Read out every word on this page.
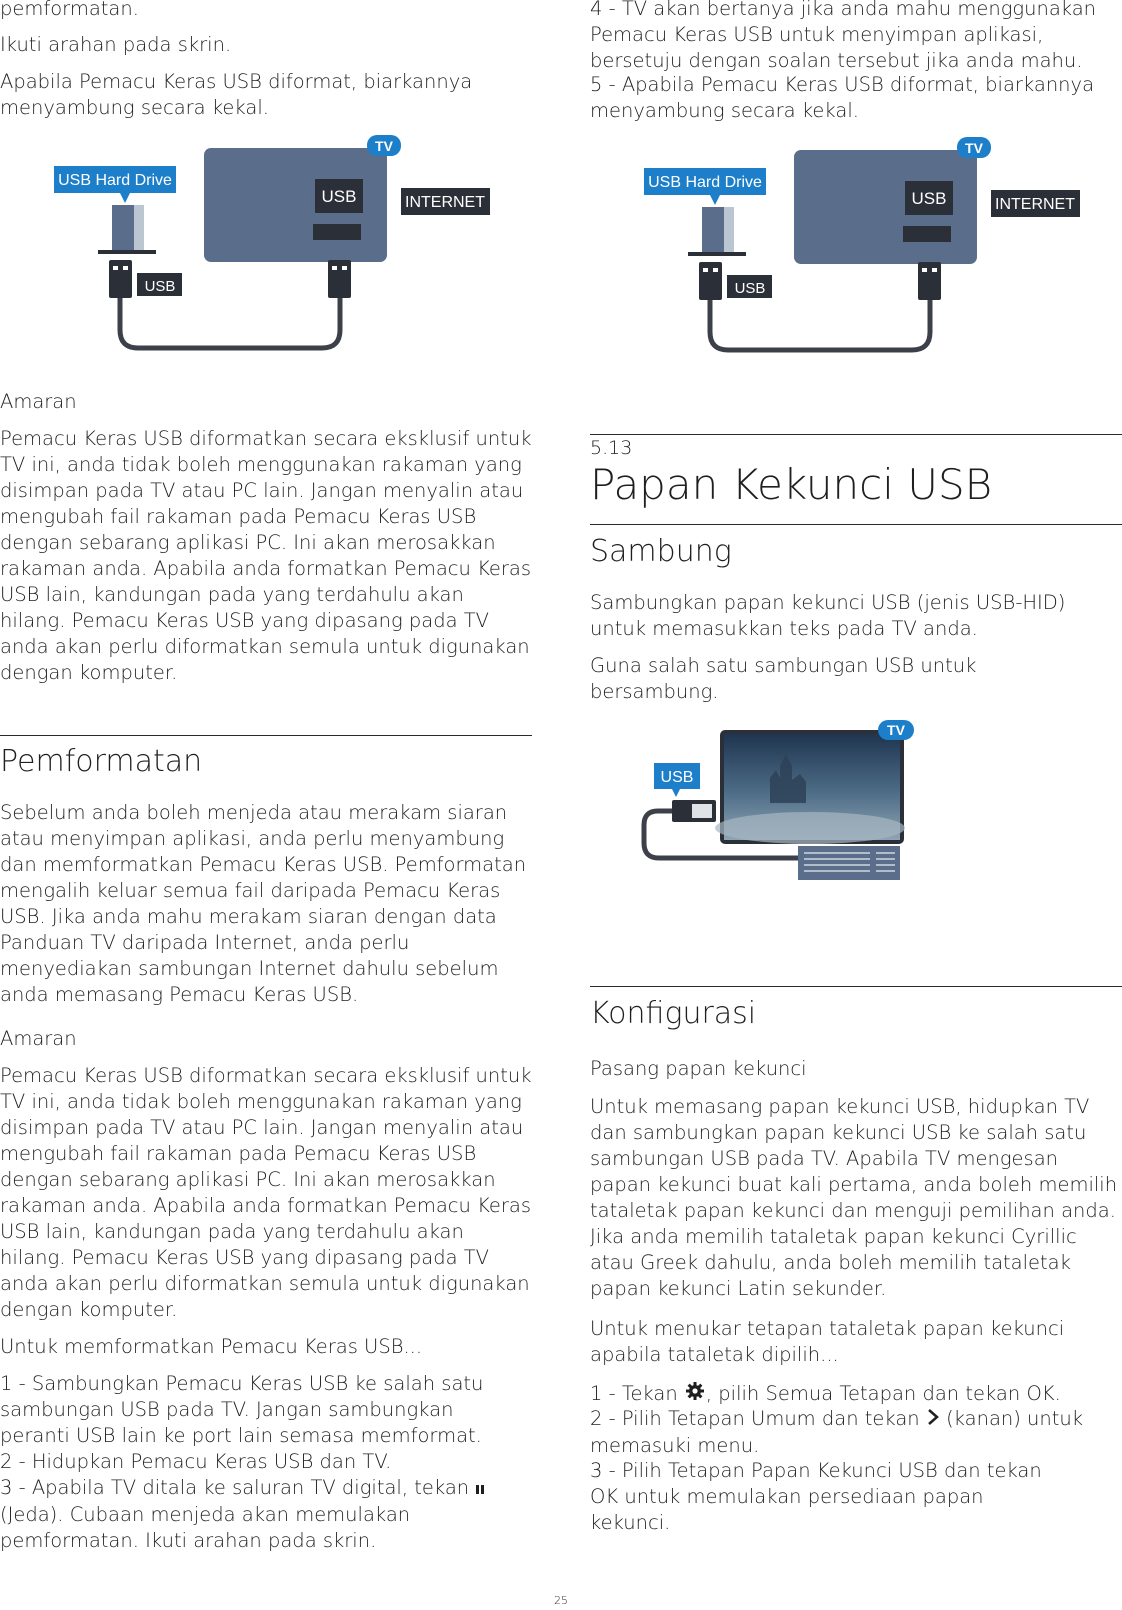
pemformatan.

Ikuti arahan pada skrin.

Apabila Pemacu Keras USB diformat, biarkannya menyambung secara kekal.

USB
TV
INTERNET
USB Hard Drive
USB

Amaran

Pemacu Keras USB diformatkan secara eksklusif untuk TV ini, anda tidak boleh menggunakan rakaman yang disimpan pada TV atau PC lain. Jangan menyalin atau mengubah fail rakaman pada Pemacu Keras USB dengan sebarang aplikasi PC. Ini akan merosakkan rakaman anda. Apabila anda formatkan Pemacu Keras USB lain, kandungan pada yang terdahulu akan hilang. Pemacu Keras USB yang dipasang pada TV anda akan perlu diformatkan semula untuk digunakan dengan komputer.

Pemformatan

Sebelum anda boleh menjeda atau merakam siaran atau menyimpan aplikasi, anda perlu menyambung dan memformatkan Pemacu Keras USB. Pemformatan mengalih keluar semua fail daripada Pemacu Keras USB. Jika anda mahu merakam siaran dengan data Panduan TV daripada Internet, anda perlu menyediakan sambungan Internet dahulu sebelum anda memasang Pemacu Keras USB.

Amaran

Pemacu Keras USB diformatkan secara eksklusif untuk TV ini, anda tidak boleh menggunakan rakaman yang disimpan pada TV atau PC lain. Jangan menyalin atau mengubah fail rakaman pada Pemacu Keras USB dengan sebarang aplikasi PC. Ini akan merosakkan rakaman anda. Apabila anda formatkan Pemacu Keras USB lain, kandungan pada yang terdahulu akan hilang. Pemacu Keras USB yang dipasang pada TV anda akan perlu diformatkan semula untuk digunakan dengan komputer.

Untuk memformatkan Pemacu Keras USB...

1 - Sambungkan Pemacu Keras USB ke salah satu sambungan USB pada TV. Jangan sambungkan peranti USB lain ke port lain semasa memformat.

2 - Hidupkan Pemacu Keras USB dan TV.

3 - Apabila TV ditala ke saluran TV digital, tekan  (Jeda). Cubaan menjeda akan memulakan pemformatan. Ikuti arahan pada skrin.

4 - TV akan bertanya jika anda mahu menggunakan Pemacu Keras USB untuk menyimpan aplikasi, bersetuju dengan soalan tersebut jika anda mahu.

5 - Apabila Pemacu Keras USB diformat, biarkannya menyambung secara kekal.

USB
TV
INTERNET
USB Hard Drive
USB
5.13
Papan Kekunci USB
Sambung

Sambungkan papan kekunci USB (jenis USB-HID) untuk memasukkan teks pada TV anda.

Guna salah satu sambungan USB untuk bersambung.

TV
USB
Konfigurasi

Pasang papan kekunci

Untuk memasang papan kekunci USB, hidupkan TV dan sambungkan papan kekunci USB ke salah satu sambungan USB pada TV. Apabila TV mengesan papan kekunci buat kali pertama, anda boleh memilih tataletak papan kekunci dan menguji pemilihan anda. Jika anda memilih tataletak papan kekunci Cyrillic atau Greek dahulu, anda boleh memilih tataletak papan kekunci Latin sekunder.

Untuk menukar tetapan tataletak papan kekunci apabila tataletak dipilih...

1 - Tekan , pilih Semua Tetapan dan tekan OK.

2 - Pilih Tetapan Umum dan tekan  (kanan) untuk memasuki menu.

3 - Pilih Tetapan Papan Kekunci USB dan tekan OK untuk memulakan persediaan papan kekunci.

25
